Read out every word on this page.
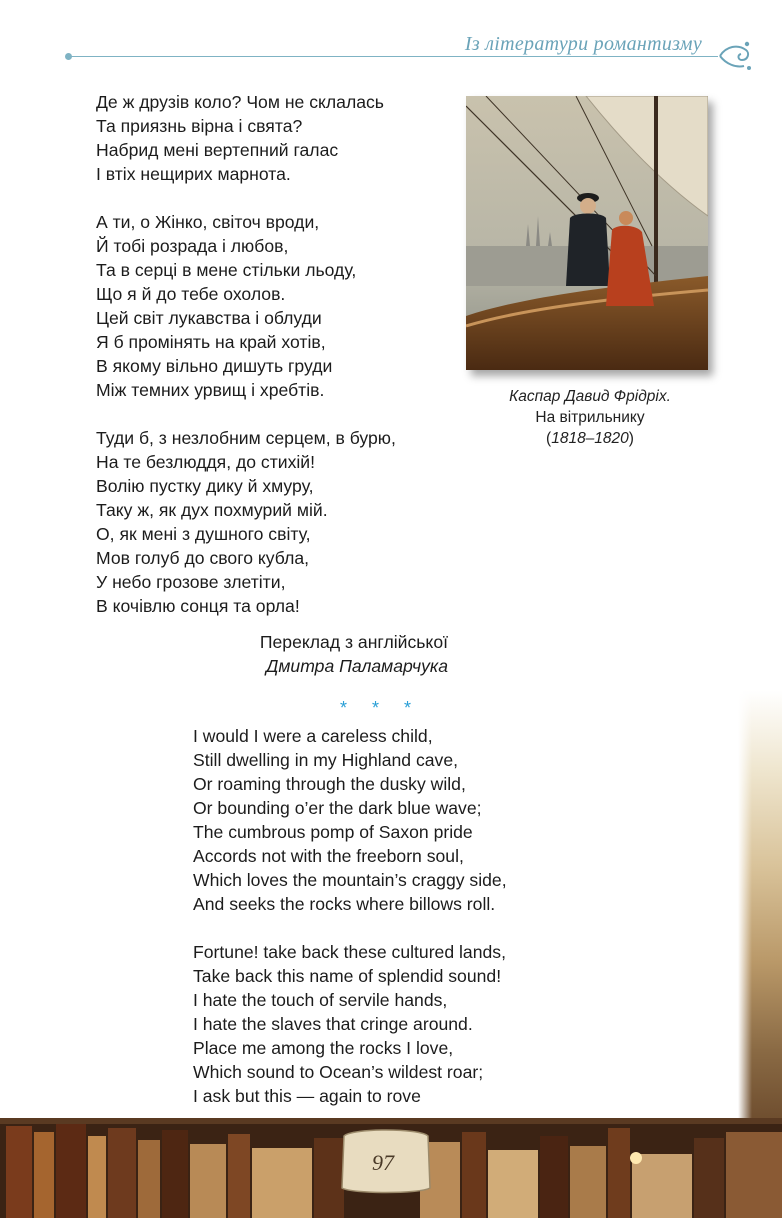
Із літератури романтизму
Де ж друзів коло? Чом не склалась
Та приязнь вірна і свята?
Набрид мені вертепний галас
І втіх нещирих марнота.
А ти, о Жінко, світоч вроди,
Й тобі розрада і любов,
Та в серці в мене стільки льоду,
Що я й до тебе охолов.
Цей світ лукавства і облуди
Я б промінять на край хотів,
В якому вільно дишуть груди
Між темних урвищ і хребтів.
Туди б, з незлобним серцем, в бурю,
На те безлюддя, до стихій!
Волію пустку дику й хмуру,
Таку ж, як дух похмурий мій.
О, як мені з душного світу,
Мов голуб до свого кубла,
У небо грозове злетіти,
В кочівлю сонця та орла!
Каспар Давид Фрідріх.
На вітрильнику
(1818–1820)
Переклад з англійської
Дмитра Паламарчука
* * *
I would I were a careless child,
Still dwelling in my Highland cave,
Or roaming through the dusky wild,
Or bounding o’er the dark blue wave;
The cumbrous pomp of Saxon pride
Accords not with the freeborn soul,
Which loves the mountain’s craggy side,
And seeks the rocks where billows roll.
Fortune! take back these cultured lands,
Take back this name of splendid sound!
I hate the touch of servile hands,
I hate the slaves that cringe around.
Place me among the rocks I love,
Which sound to Ocean’s wildest roar;
I ask but this — again to rove
97
